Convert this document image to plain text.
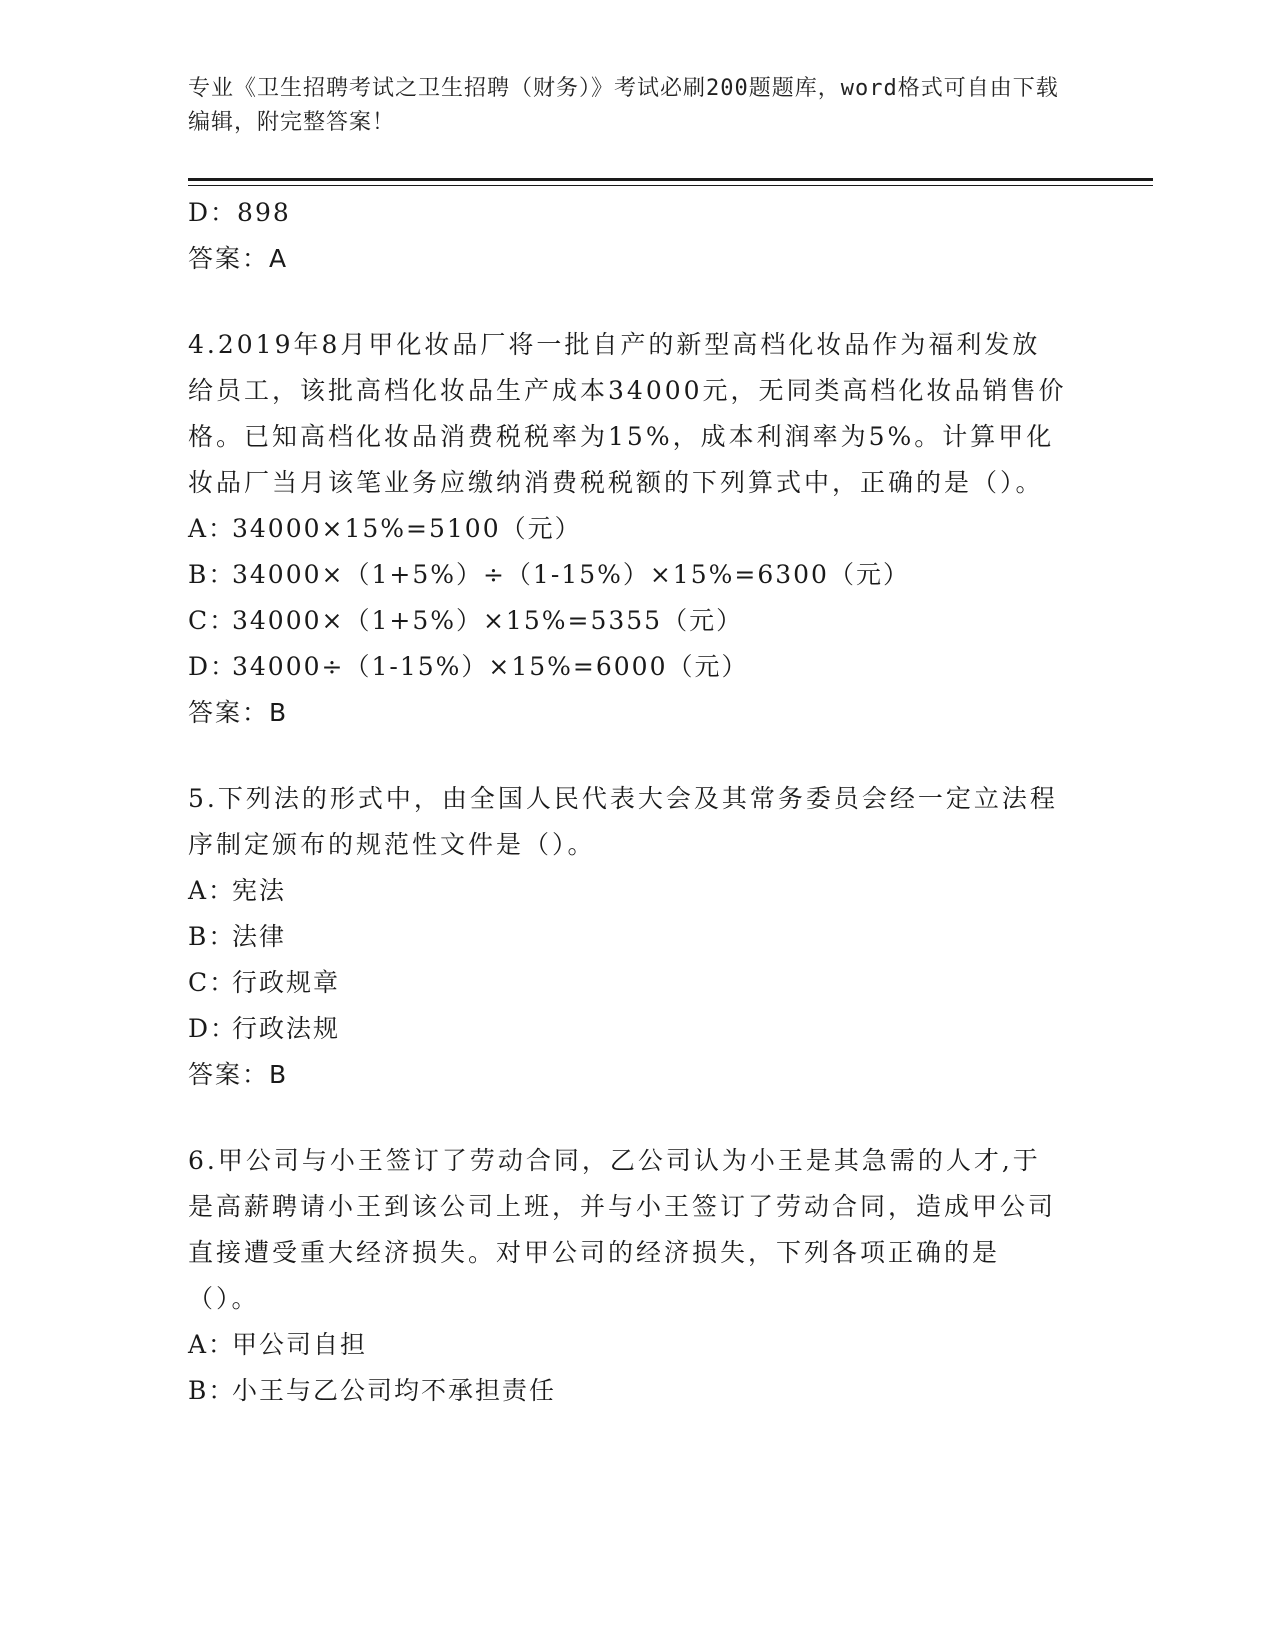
专业《卫生招聘考试之卫生招聘（财务）》考试必刷200题题库，word格式可自由下载编辑，附完整答案！
D：898
答案：A
4.2019年8月甲化妆品厂将一批自产的新型高档化妆品作为福利发放给员工，该批高档化妆品生产成本34000元，无同类高档化妆品销售价格。已知高档化妆品消费税税率为15%，成本利润率为5%。计算甲化妆品厂当月该笔业务应缴纳消费税税额的下列算式中，正确的是（）。
A：34000×15%=5100（元）
B：34000×（1+5%）÷（1-15%）×15%=6300（元）
C：34000×（1+5%）×15%=5355（元）
D：34000÷（1-15%）×15%=6000（元）
答案：B
5.下列法的形式中，由全国人民代表大会及其常务委员会经一定立法程序制定颁布的规范性文件是（）。
A：宪法
B：法律
C：行政规章
D：行政法规
答案：B
6.甲公司与小王签订了劳动合同，乙公司认为小王是其急需的人才,于是高薪聘请小王到该公司上班，并与小王签订了劳动合同，造成甲公司直接遭受重大经济损失。对甲公司的经济损失，下列各项正确的是（）。
A：甲公司自担
B：小王与乙公司均不承担责任
